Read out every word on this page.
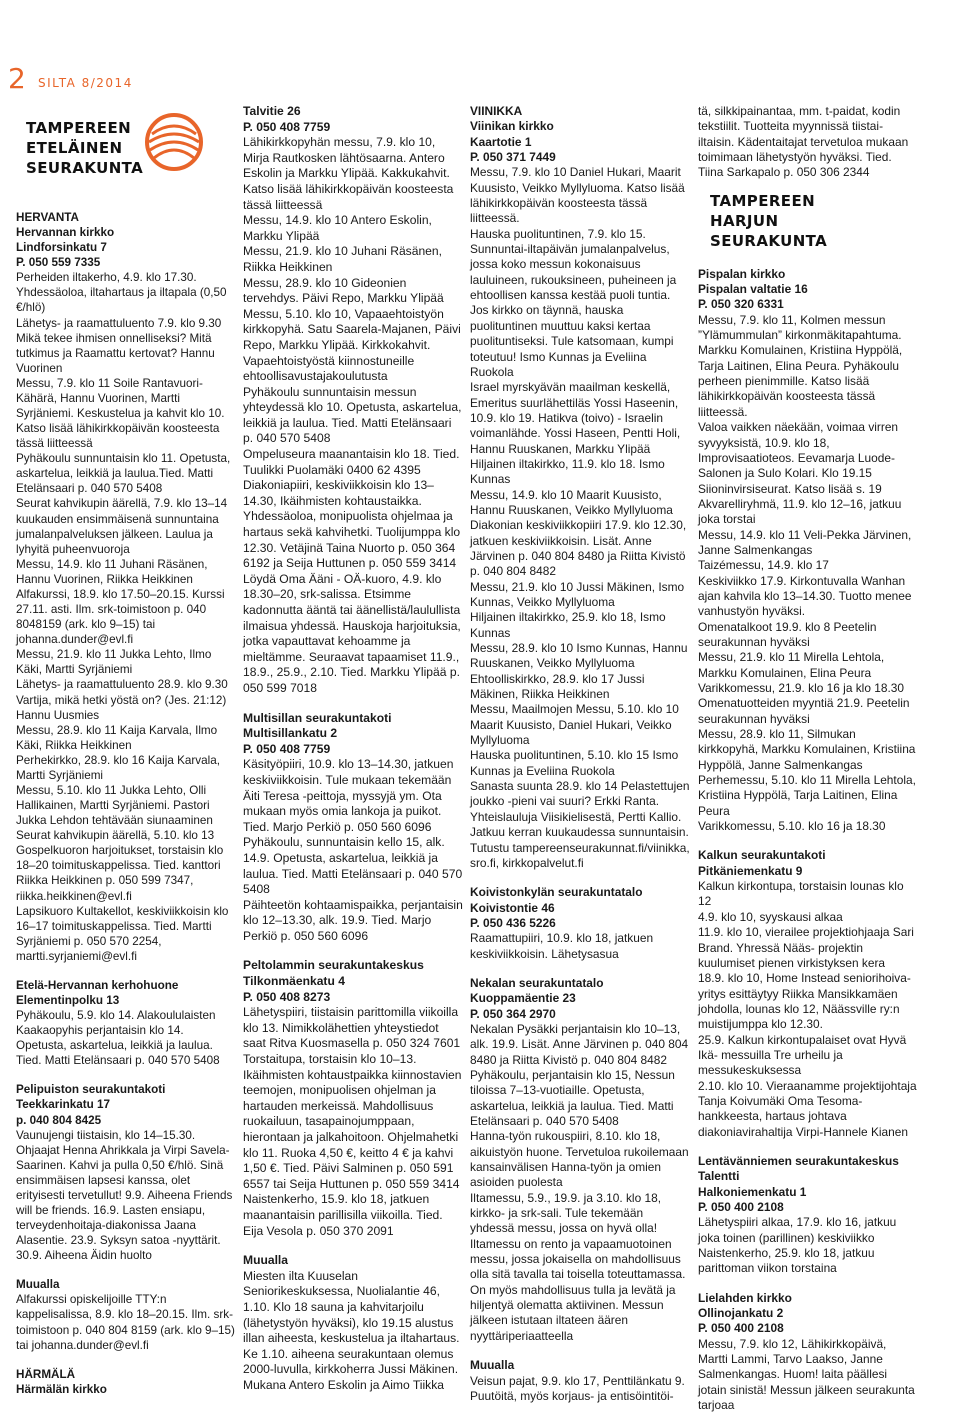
2 SILTA 8/2014
TAMPEREEN
ETELÄINEN
SEURAKUNTA

HERVANTA

Hervannan kirkko

Lindforsinkatu 7

P. 050 559 7335

Perheiden iltakerho, 4.9. klo 17.30. Yhdessäoloa, iltahartaus ja iltapala (0,50 €/hlö)

Lähetys- ja raamattuluento 7.9. klo 9.30 Mikä tekee ihmisen onnelliseksi? Mitä tutkimus ja Raamattu kertovat? Hannu Vuorinen

Messu, 7.9. klo 11 Soile Rantavuori-Kähärä, Hannu Vuorinen, Martti Syrjäniemi. Keskustelua ja kahvit klo 10. Katso lisää lähikirkkopäivän koosteesta tässä liitteessä

Pyhäkoulu sunnuntaisin klo 11. Opetusta, askartelua, leikkiä ja laulua.Tied. Matti Etelänsaari p. 040 570 5408

Seurat kahvikupin äärellä, 7.9. klo 13–14 kuukauden ensimmäisenä sunnuntaina jumalanpalveluksen jälkeen. Laulua ja lyhyitä puheenvuoroja

Messu, 14.9. klo 11 Juhani Räsänen, Hannu Vuorinen, Riikka Heikkinen

Alfakurssi, 18.9. klo 17.50–20.15. Kurssi 27.11. asti. Ilm. srk-toimistoon p. 040 8048159 (ark. klo 9–15) tai johanna.dunder@evl.fi

Messu, 21.9. klo 11 Jukka Lehto, Ilmo Käki, Martti Syrjäniemi

Lähetys- ja raamattuluento 28.9. klo 9.30 Vartija, mikä hetki yöstä on? (Jes. 21:12) Hannu Uusmies

Messu, 28.9. klo 11 Kaija Karvala, Ilmo Käki, Riikka Heikkinen

Perhekirkko, 28.9. klo 16 Kaija Karvala, Martti Syrjäniemi

Messu, 5.10. klo 11 Jukka Lehto, Olli Hallikainen, Martti Syrjäniemi. Pastori Jukka Lehdon tehtävään siunaaminen

Seurat kahvikupin äärellä, 5.10. klo 13

Gospelkuoron harjoitukset, torstaisin klo 18–20 toimituskappelissa. Tied. kanttori Riikka Heikkinen p. 050 599 7347, riikka.heikkinen@evl.fi

Lapsikuoro Kultakellot, keskiviikkoisin klo 16–17 toimituskappelissa. Tied. Martti Syrjäniemi p. 050 570 2254, martti.syrjaniemi@evl.fi

Etelä-Hervannan kerhohuone

Elementinpolku 13

Pyhäkoulu, 5.9. klo 14. Alakoululaisten Kaakaopyhis perjantaisin klo 14. Opetusta, askartelua, leikkiä ja laulua. Tied. Matti Etelänsaari p. 040 570 5408

Pelipuiston seurakuntakoti

Teekkarinkatu 17

p. 040 804 8425

Vaunujengi tiistaisin, klo 14–15.30. Ohjaajat Henna Ahrikkala ja Virpi Savela-Saarinen. Kahvi ja pulla 0,50 €/hlö. Sinä ensimmäisen lapsesi kanssa, olet erityisesti tervetullut! 9.9. Aiheena Friends will be friends. 16.9. Lasten ensiapu, terveydenhoitaja-diakonissa Jaana Alasentie. 23.9. Syksyn satoa -nyyttärit. 30.9. Aiheena Äidin huolto

Muualla

Alfakurssi opiskelijoille TTY:n kappelisalissa, 8.9. klo 18–20.15. Ilm. srk-toimistoon p. 040 804 8159 (ark. klo 9–15) tai johanna.dunder@evl.fi

HÄRMÄLÄ

Härmälän kirkko

Talvitie 26

P. 050 408 7759

Lähikirkkopyhän messu, 7.9. klo 10, Mirja Rautkosken lähtösaarna. Antero Eskolin ja Markku Ylipää. Kakkukahvit. Katso lisää lähikirkkopäivän koosteesta tässä liitteessä

Messu, 14.9. klo 10 Antero Eskolin, Markku Ylipää

Messu, 21.9. klo 10 Juhani Räsänen, Riikka Heikkinen

Messu, 28.9. klo 10 Gideonien tervehdys. Päivi Repo, Markku Ylipää

Messu, 5.10. klo 10, Vapaaehtoistyön kirkkopyhä. Satu Saarela-Majanen, Päivi Repo, Markku Ylipää. Kirkkokahvit. Vapaehtoistyöstä kiinnostuneille ehtoollisavustajakoulutusta

Pyhäkoulu sunnuntaisin messun yhteydessä klo 10. Opetusta, askartelua, leikkiä ja laulua. Tied. Matti Etelänsaari p. 040 570 5408

Ompeluseura maanantaisin klo 18. Tied. Tuulikki Puolamäki 0400 62 4395

Diakoniapiiri, keskiviikkoisin klo 13–14.30, Ikäihmisten kohtaustaikka. Yhdessäoloa, monipuolista ohjelmaa ja hartaus sekä kahvihetki. Tuolijumppa klo 12.30. Vetäjinä Taina Nuorto p. 050 364 6192 ja Seija Huttunen p. 050 559 3414

Löydä Oma Ääni - OÄ-kuoro, 4.9. klo 18.30–20, srk-salissa. Etsimme kadonnutta ääntä tai äänellistä/laulullista ilmaisua yhdessä. Hauskoja harjoituksia, jotka vapauttavat kehoamme ja mieltämme. Seuraavat tapaamiset 11.9., 18.9., 25.9., 2.10. Tied. Markku Ylipää p. 050 599 7018

Multisillan seurakuntakoti

Multisillankatu 2

P. 050 408 7759

Käsityöpiiri, 10.9. klo 13–14.30, jatkuen keskiviikkoisin. Tule mukaan tekemään Äiti Teresa -peittoja, myssyjä ym. Ota mukaan myös omia lankoja ja puikot. Tied. Marjo Perkiö p. 050 560 6096

Pyhäkoulu, sunnuntaisin kello 15, alk. 14.9. Opetusta, askartelua, leikkiä ja laulua. Tied. Matti Etelänsaari p. 040 570 5408

Päihteetön kohtaamispaikka, perjantaisin klo 12–13.30, alk. 19.9. Tied. Marjo Perkiö p. 050 560 6096

Peltolammin seurakuntakeskus

Tilkonmäenkatu 4

P. 050 408 8273

Lähetyspiiri, tiistaisin parittomilla viikoilla klo 13. Nimikkolähettien yhteystiedot saat Ritva Kuosmasella p. 050 324 7601

Torstaitupa, torstaisin klo 10–13. Ikäihmisten kohtaustpaikka kiinnostavien teemojen, monipuolisen ohjelman ja hartauden merkeissä. Mahdollisuus ruokailuun, tasapainojumppaan, hierontaan ja jalkahoitoon. Ohjelmahetki klo 11. Ruoka 4,50 €, keitto 4 € ja kahvi 1,50 €. Tied. Päivi Salminen p. 050 591 6557 tai Seija Huttunen p. 050 559 3414

Naistenkerho, 15.9. klo 18, jatkuen maanantaisin parillisilla viikoilla. Tied. Eija Vesola p. 050 370 2091

Muualla

Miesten ilta Kuuselan Seniorikeskuksessa, Nuolialantie 46, 1.10. Klo 18 sauna ja kahvitarjoilu (lähetystyön hyväksi), klo 19.15 alustus illan aiheesta, keskustelua ja iltahartaus. Ke 1.10. aiheena seurakuntaan olemus 2000-luvulla, kirkkoherra Jussi Mäkinen. Mukana Antero Eskolin ja Aimo Tiikka

VIINIKKA

Viinikan kirkko

Kaartotie 1

P. 050 371 7449

Messu, 7.9. klo 10 Daniel Hukari, Maarit Kuusisto, Veikko Myllyluoma. Katso lisää lähikirkkopäivän koosteesta tässä liitteessä.

Hauska puolituntinen, 7.9. klo 15. Sunnuntai-iltapäivän jumalanpalvelus, jossa koko messun kokonaisuus lauluineen, rukouksineen, puheineen ja ehtoollisen kanssa kestää puoli tuntia. Jos kirkko on täynnä, hauska puolituntinen muuttuu kaksi kertaa puolituntiseksi. Tule katsomaan, kumpi toteutuu! Ismo Kunnas ja Eveliina Ruokola

Israel myrskyävän maailman keskellä, Emeritus suurlähettiläs Yossi Haseenin, 10.9. klo 19. Hatikva (toivo) - Israelin voimanlähde. Yossi Haseen, Pentti Holi, Hannu Ruuskanen, Markku Ylipää

Hiljainen iltakirkko, 11.9. klo 18. Ismo Kunnas

Messu, 14.9. klo 10 Maarit Kuusisto, Hannu Ruuskanen, Veikko Myllyluoma

Diakonian keskiviikkopiiri 17.9. klo 12.30, jatkuen keskiviikkoisin. Lisät. Anne Järvinen p. 040 804 8480 ja Riitta Kivistö p. 040 804 8482

Messu, 21.9. klo 10 Jussi Mäkinen, Ismo Kunnas, Veikko Myllyluoma

Hiljainen iltakirkko, 25.9. klo 18, Ismo Kunnas

Messu, 28.9. klo 10 Ismo Kunnas, Hannu Ruuskanen, Veikko Myllyluoma

Ehtoolliskirkko, 28.9. klo 17 Jussi Mäkinen, Riikka Heikkinen

Messu, Maailmojen Messu, 5.10. klo 10 Maarit Kuusisto, Daniel Hukari, Veikko Myllyluoma

Hauska puolituntinen, 5.10. klo 15 Ismo Kunnas ja Eveliina Ruokola

Sanasta suunta 28.9. klo 14 Pelastettujen joukko -pieni vai suuri? Erkki Ranta. Yhteislauluja Viisikielisestä, Pertti Kallio. Jatkuu kerran kuukaudessa sunnuntaisin. Tutustu tampereenseurakunnat.fi/viinikka, sro.fi, kirkkopalvelut.fi

Koivistonkylän seurakuntatalo

Koivistontie 46

P. 050 436 5226

Raamattupiiri, 10.9. klo 18, jatkuen keskiviikkoisin. Lähetysasua

Nekalan seurakuntatalo

Kuoppamäentie 23

P. 050 364 2970

Nekalan Pysäkki perjantaisin klo 10–13, alk. 19.9. Lisät. Anne Järvinen p. 040 804 8480 ja Riitta Kivistö p. 040 804 8482

Pyhäkoulu, perjantaisin klo 15, Nessun tiloissa 7–13-vuotiaille. Opetusta, askartelua, leikkiä ja laulua. Tied. Matti Etelänsaari p. 040 570 5408

Hanna-työn rukouspiiri, 8.10. klo 18, aikuistyön huone. Tervetuloa rukoilemaan kansainvälisen Hanna-työn ja omien asioiden puolesta

Iltamessu, 5.9., 19.9. ja 3.10. klo 18, kirkko- ja srk-sali. Tule tekemään yhdessä messu, jossa on hyvä olla! Iltamessu on rento ja vapaamuotoinen messu, jossa jokaisella on mahdollisuus olla sitä tavalla tai toisella toteuttamassa. On myös mahdollisuus tulla ja levätä ja hiljentyä olematta aktiivinen. Messun jälkeen istutaan iltateen äären nyyttäriperiaatteella

Muualla

Veisun pajat, 9.9. klo 17, Penttilänkatu 9. Puutöitä, myös korjaus- ja entisöintitöi-

tä, silkkipainantaa, mm. t-paidat, kodin tekstiilit. Tuotteita myynnissä tiistai-iltaisin. Kädentaitajat tervetuloa mukaan toimimaan lähetystyön hyväksi. Tied. Tiina Sarkapalo p. 050 306 2344

TAMPEREEN
HARJUN
SEURAKUNTA

Pispalan kirkko

Pispalan valtatie 16

P. 050 320 6331

Messu, 7.9. klo 11, Kolmen messun ”Ylämummulan” kirkonmäkitapahtuma. Markku Komulainen, Kristiina Hyppölä, Tarja Laitinen, Elina Peura. Pyhäkoulu perheen pienimmille. Katso lisää lähikirkkopäivän koosteesta tässä liitteessä.

Valoa vaikken näekään, voimaa virren syvyyksistä, 10.9. klo 18, Improvisaatioteos. Eevamarja Luode-Salonen ja Sulo Kolari. Klo 19.15 Siioninvirsiseurat. Katso lisää s. 19

Akvarelliryhmä, 11.9. klo 12–16, jatkuu joka torstai

Messu, 14.9. klo 11 Veli-Pekka Järvinen, Janne Salmenkangas

Taizémessu, 14.9. klo 17

Keskiviikko 17.9. Kirkontuvalla Wanhan ajan kahvila klo 13–14.30. Tuotto menee vanhustyön hyväksi.

Omenatalkoot 19.9. klo 8 Peetelin seurakunnan hyväksi

Messu, 21.9. klo 11 Mirella Lehtola, Markku Komulainen, Elina Peura

Varikkomessu, 21.9. klo 16 ja klo 18.30

Omenatuotteiden myyntiä 21.9. Peetelin seurakunnan hyväksi

Messu, 28.9. klo 11, Silmukan kirkkopyhä, Markku Komulainen, Kristiina Hyppölä, Janne Salmenkangas

Perhemessu, 5.10. klo 11 Mirella Lehtola, Kristiina Hyppölä, Tarja Laitinen, Elina Peura

Varikkomessu, 5.10. klo 16 ja 18.30

Kalkun seurakuntakoti

Pitkäniemenkatu 9

Kalkun kirkontupa, torstaisin lounas klo 12

4.9. klo 10, syyskausi alkaa

11.9. klo 10, vierailee projektiohjaaja Sari Brand. Yhressä Nääs- projektin kuulumiset pienen virkistyksen kera

18.9. klo 10, Home Instead seniorihoiva-yritys esittäytyy Riikka Mansikkamäen johdolla, lounas klo 12, Näässville ry:n muistijumppa klo 12.30.

25.9. Kalkun kirkontupalaiset ovat Hyvä Ikä- messuilla Tre urheilu ja messukeskuksessa

2.10. klo 10. Vieraanamme projektijohtaja Tanja Koivumäki Oma Tesoma-hankkeesta, hartaus johtava diakoniavirahaltija Virpi-Hannele Kianen

Lentävänniemen seurakuntakeskus

Talentti

Halkoniemenkatu 1

P. 050 400 2108

Lähetyspiiri alkaa, 17.9. klo 16, jatkuu joka toinen (parillinen) keskiviikko

Naistenkerho, 25.9. klo 18, jatkuu parittoman viikon torstaina

Lielahden kirkko

Ollinojankatu 2

P. 050 400 2108

Messu, 7.9. klo 12, Lähikirkkopäivä, Martti Lammi, Tarvo Laakso, Janne Salmenkangas. Huom! laita päällesi jotain sinistä! Messun jälkeen seurakunta tarjoaa
